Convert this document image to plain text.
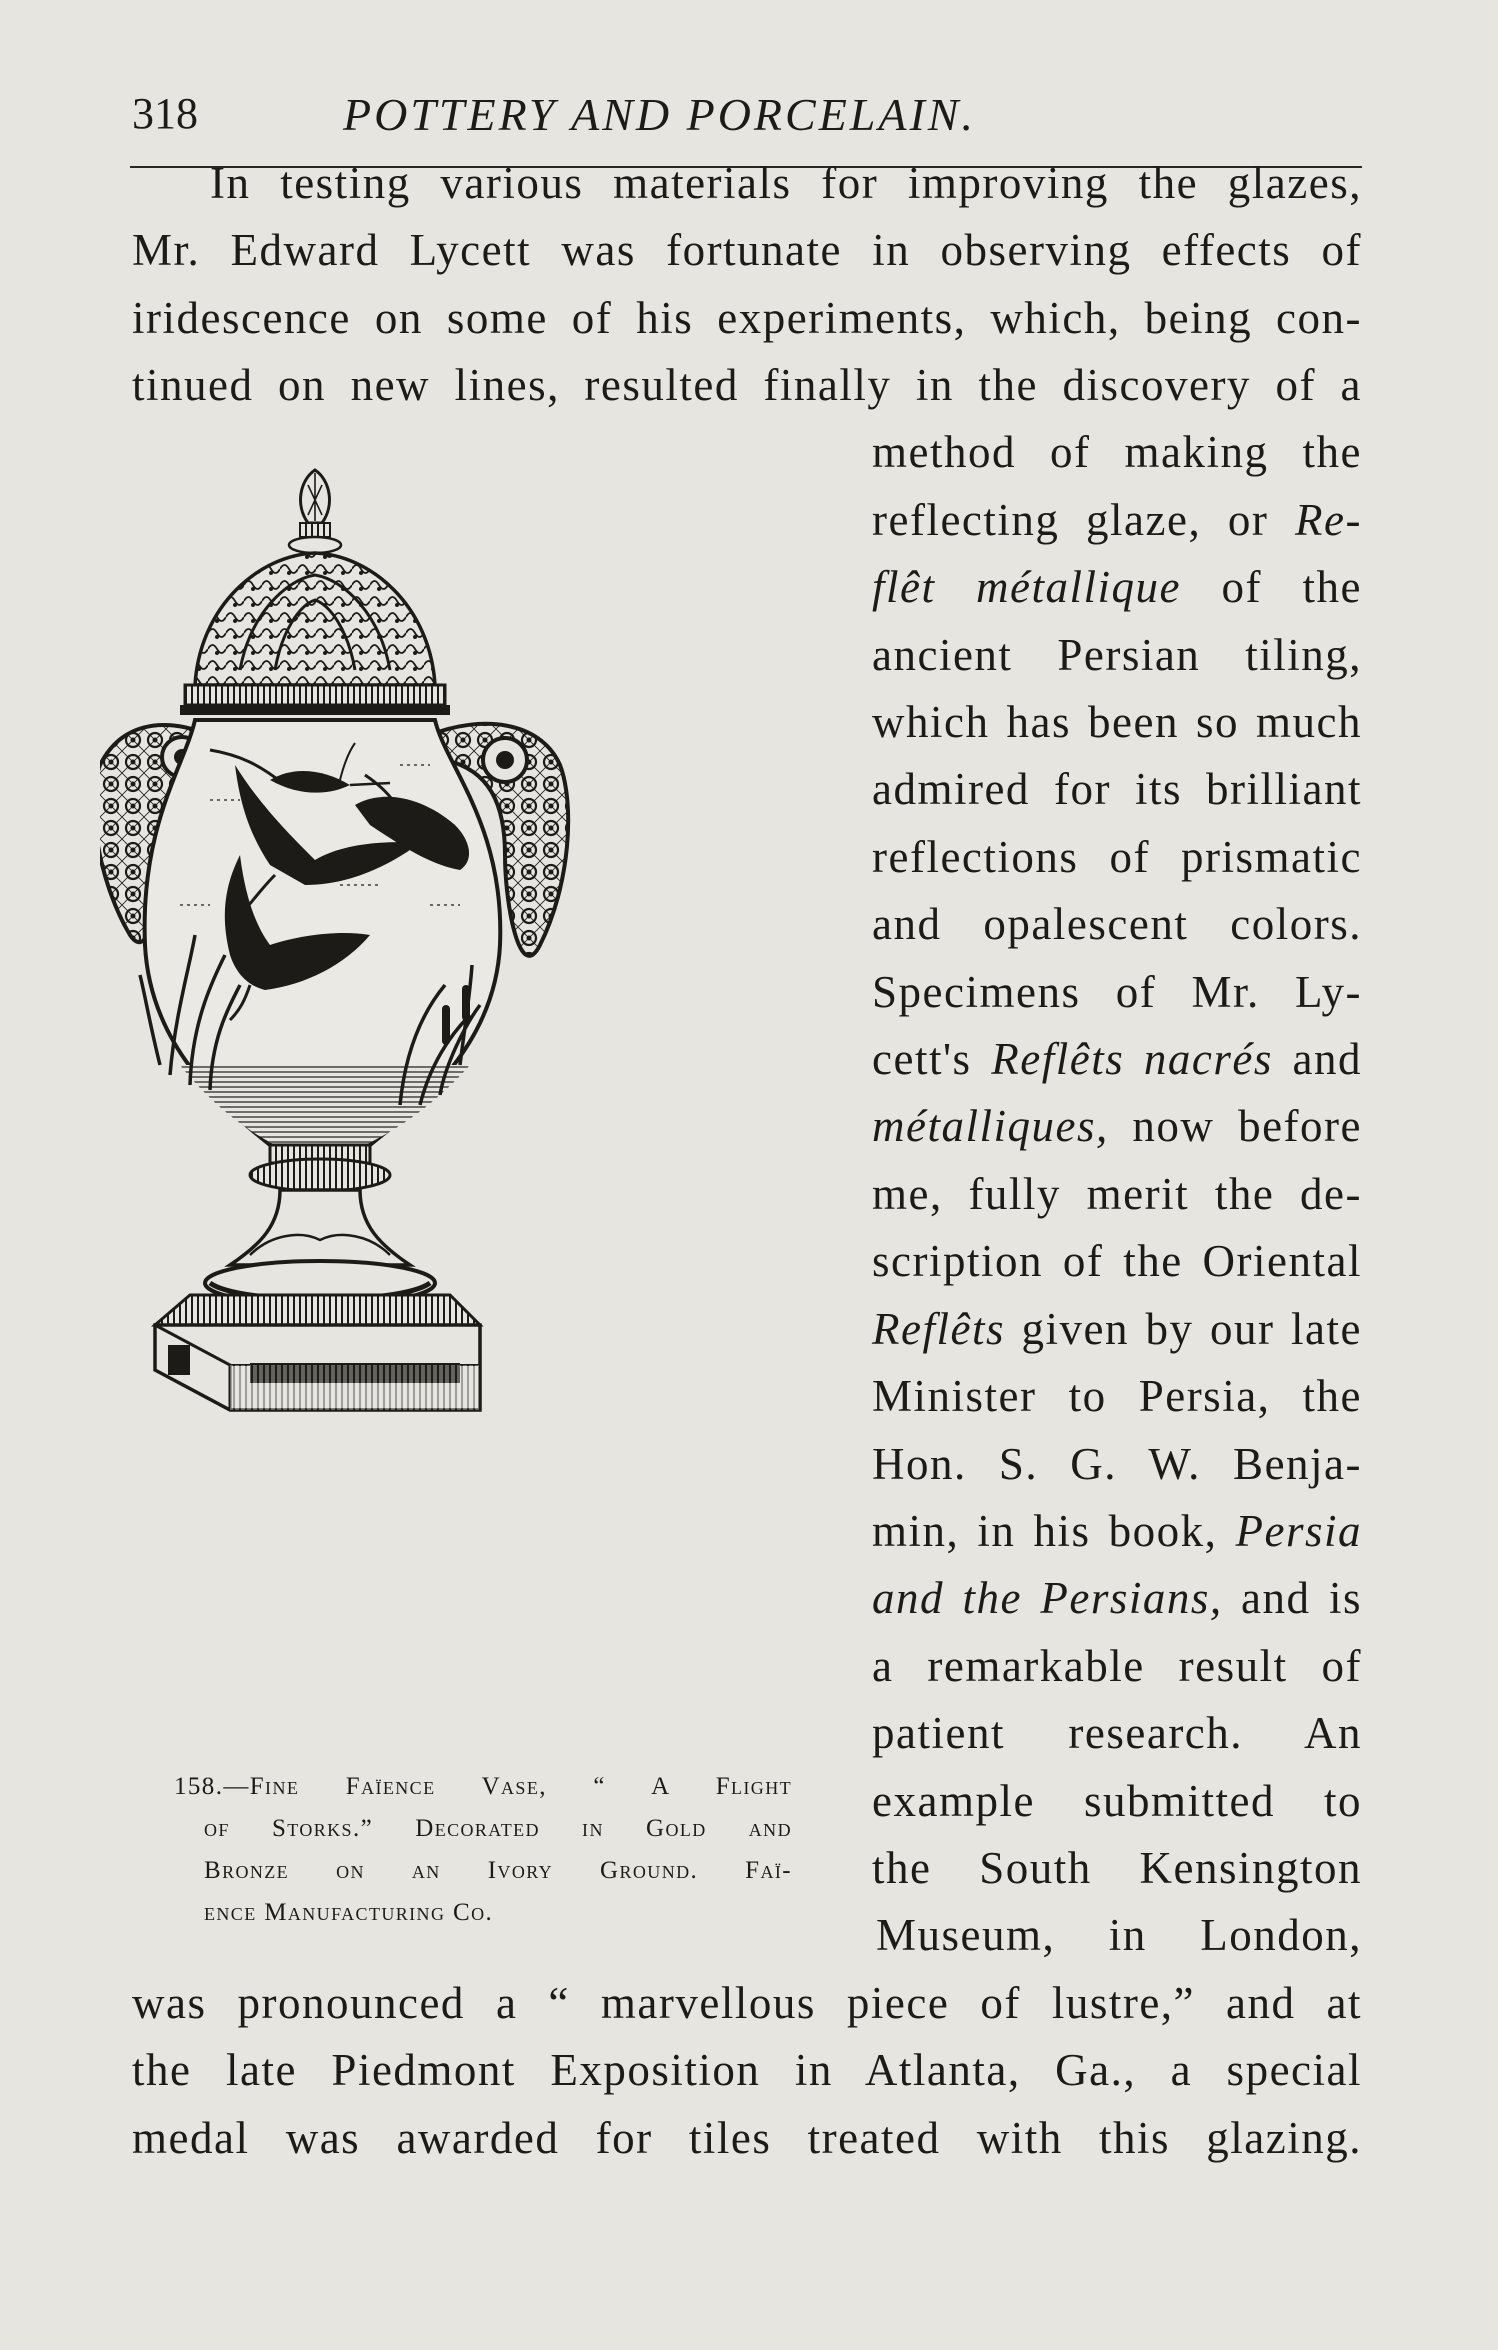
318	POTTERY AND PORCELAIN.
In testing various materials for improving the glazes,
Mr. Edward Lycett was fortunate in observing effects of
iridescence on some of his experiments, which, being con-
tinued on new lines, resulted finally in the discovery of a
method of making the
reflecting glaze, or Re-
flêt métallique of the
ancient Persian tiling,
which has been so much
admired for its brilliant
reflections of prismatic
and opalescent colors.
Specimens of Mr. Ly-
cett's Reflêts nacrés and
métalliques, now before
me, fully merit the de-
scription of the Oriental
Reflêts given by our late
Minister to Persia, the
Hon. S. G. W. Benja-
min, in his book, Persia
and the Persians, and is
a remarkable result of
patient research. An
example submitted to
the South Kensington
Museum, in London,
was pronounced a “ marvellous piece of lustre,” and at
the late Piedmont Exposition in Atlanta, Ga., a special
medal was awarded for tiles treated with this glazing.
158.—Fine Faïence Vase, “ A Flight
of Storks.” Decorated in Gold and
Bronze on an Ivory Ground. Faï-
ence Manufacturing Co.
